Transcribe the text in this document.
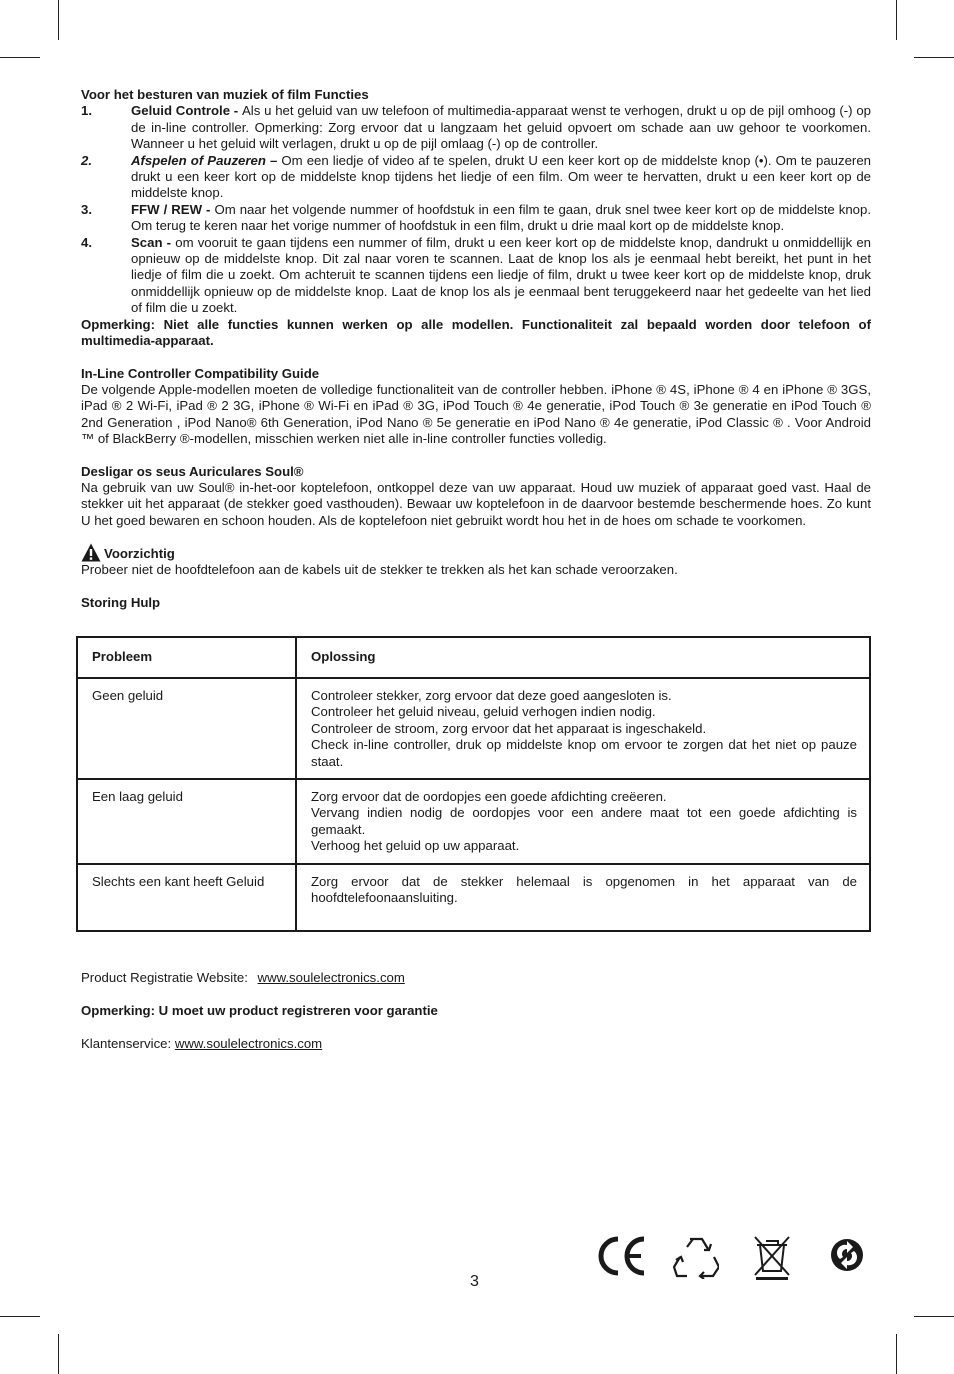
Voor het besturen van muziek of film Functies

1.	Geluid Controle - Als u het geluid van uw telefoon of multimedia-apparaat wenst te verhogen, drukt u op de pijl omhoog (-) op de in-line controller. Opmerking: Zorg ervoor dat u langzaam het geluid opvoert om schade aan uw gehoor te voorkomen. Wanneer u het geluid wilt verlagen, drukt u op de pijl omlaag (-) op de controller.
2.	Afspelen of Pauzeren – Om een liedje of video af te spelen, drukt U een keer kort op de middelste knop (•). Om te pauzeren drukt u een keer kort op de middelste knop tijdens het liedje of een film. Om weer te hervatten, drukt u een keer kort op de middelste knop.
3.	FFW / REW - Om naar het volgende nummer of hoofdstuk in een film te gaan, druk snel twee keer kort op de middelste knop. Om terug te keren naar het vorige nummer of hoofdstuk in een film, drukt u drie maal kort op de middelste knop.
4.	Scan - om vooruit te gaan tijdens een nummer of film, drukt u een keer kort op de middelste knop, dandrukt u onmiddellijk en opnieuw op de middelste knop. Dit zal naar voren te scannen. Laat de knop los als je eenmaal hebt bereikt, het punt in het liedje of film die u zoekt. Om achteruit te scannen tijdens een liedje of film, drukt u twee keer kort op de middelste knop, druk onmiddellijk opnieuw op de middelste knop. Laat de knop los als je eenmaal bent teruggekeerd naar het gedeelte van het lied of film die u zoekt.

Opmerking: Niet alle functies kunnen werken op alle modellen. Functionaliteit zal bepaald worden door telefoon of multimedia-apparaat.

In-Line Controller Compatibility Guide

De volgende Apple-modellen moeten de volledige functionaliteit van de controller hebben. iPhone ® 4S, iPhone ® 4 en iPhone ® 3GS, iPad ® 2 Wi-Fi, iPad ® 2 3G, iPhone ® Wi-Fi en iPad ® 3G, iPod Touch ® 4e generatie, iPod Touch ® 3e generatie en iPod Touch ® 2nd Generation , iPod Nano® 6th Generation, iPod Nano ® 5e generatie en iPod Nano ® 4e generatie, iPod Classic ® . Voor Android ™ of BlackBerry ®-modellen, misschien werken niet alle in-line controller functies volledig.

Desligar os seus Auriculares Soul®

Na gebruik van uw Soul® in-het-oor koptelefoon, ontkoppel deze van uw apparaat. Houd uw muziek of apparaat goed vast. Haal de stekker uit het apparaat (de stekker goed vasthouden). Bewaar uw koptelefoon in de daarvoor bestemde beschermende hoes. Zo kunt U het goed bewaren en schoon houden. Als de koptelefoon niet gebruikt wordt hou het in de hoes om schade te voorkomen.

Voorzichtig

Probeer niet de hoofdtelefoon aan de kabels uit de stekker te trekken als het kan schade veroorzaken.

Storing Hulp

Probleem	Oplossing
Geen geluid	Controleer stekker, zorg ervoor dat deze goed aangesloten is.
Controleer het geluid niveau, geluid verhogen indien nodig.
Controleer de stroom, zorg ervoor dat het apparaat is ingeschakeld.
Check in-line controller, druk op middelste knop om ervoor te zorgen dat het niet op pauze staat.

Een laag geluid	Zorg ervoor dat de oordopjes een goede afdichting creëeren.
Vervang indien nodig de oordopjes voor een andere maat tot een goede afdichting is gemaakt.
Verhoog het geluid op uw apparaat.

Slechts een kant heeft Geluid	Zorg ervoor dat de stekker helemaal is opgenomen in het apparaat van de hoofdtelefoonaansluiting.
Product Registratie Website: www.soulelectronics.com
Opmerking: U moet uw product registreren voor garantie
Klantenservice: www.soulelectronics.com
3
